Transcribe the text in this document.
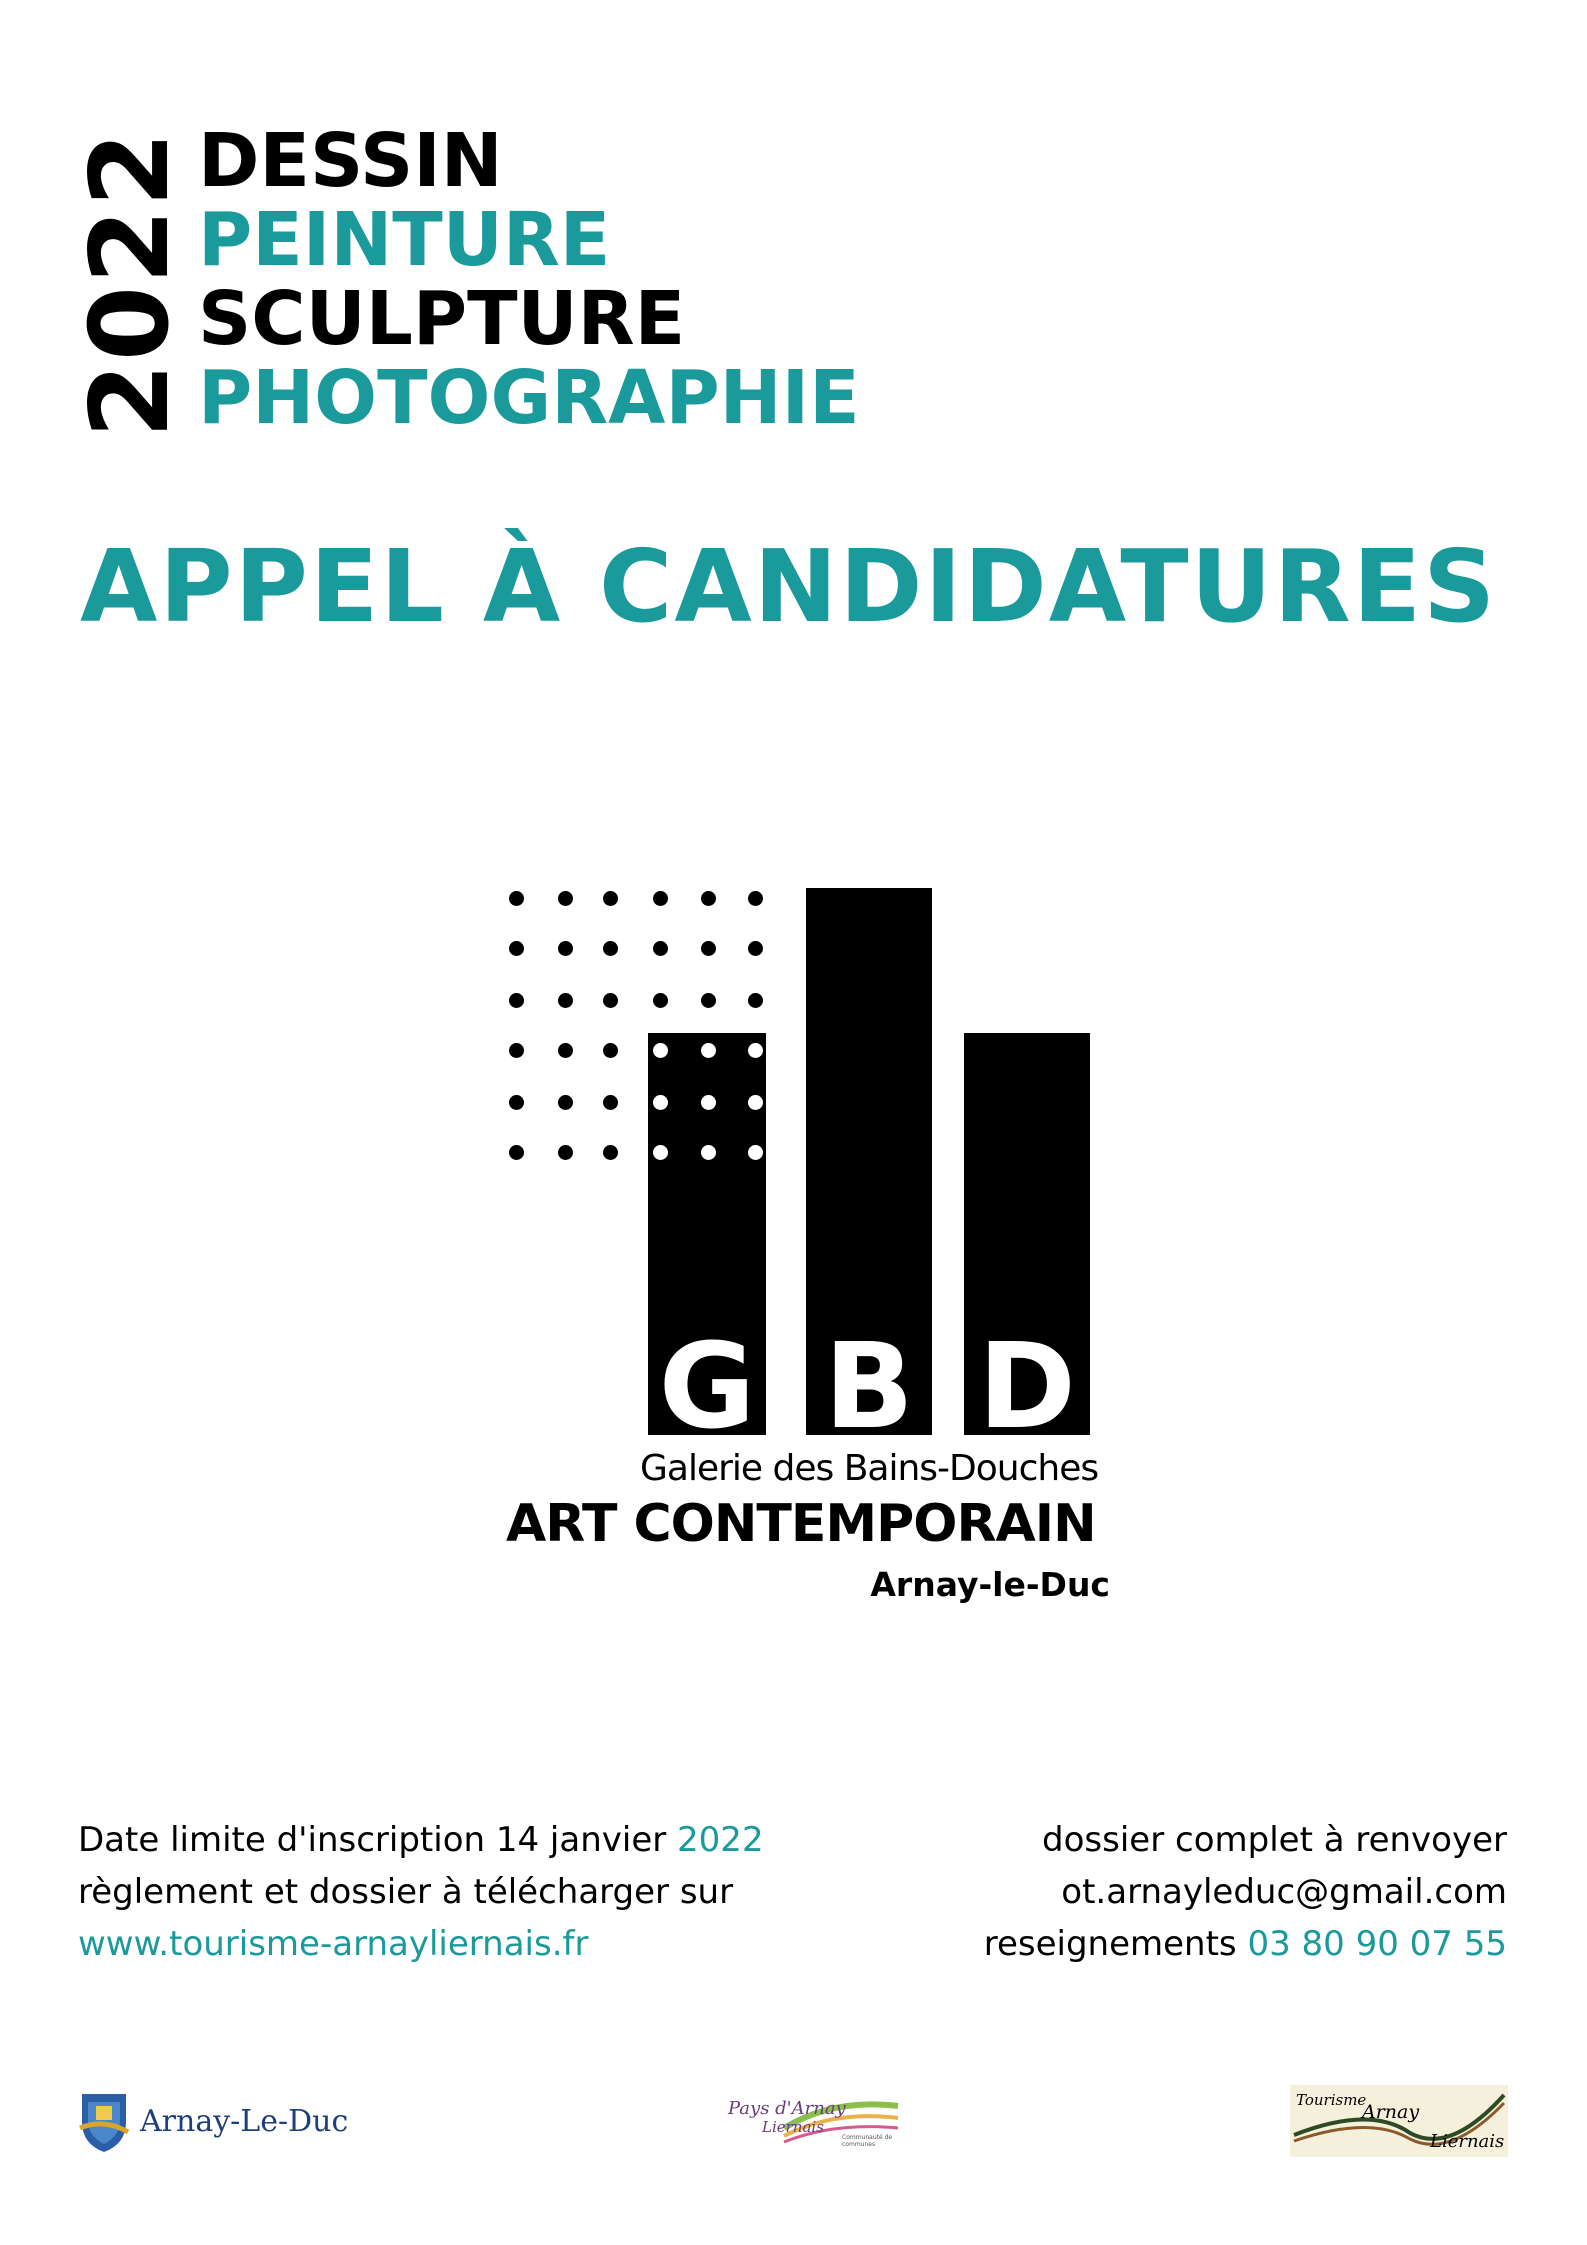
2022 DESSIN
PEINTURE
SCULPTURE
PHOTOGRAPHIE
APPEL À CANDIDATURES
G B D
Galerie des Bains-Douches
ART CONTEMPORAIN
Arnay-le-Duc
Date limite d'inscription 14 janvier 2022
règlement et dossier à télécharger sur
www.tourisme-arnayliernais.fr
dossier complet à renvoyer
ot.arnayleduc@gmail.com
reseignements 03 80 90 07 55
Arnay-Le-Duc	Pays d'Arnay
Liernais
Communauté de communes
Tourisme
Arnay
Liernais
